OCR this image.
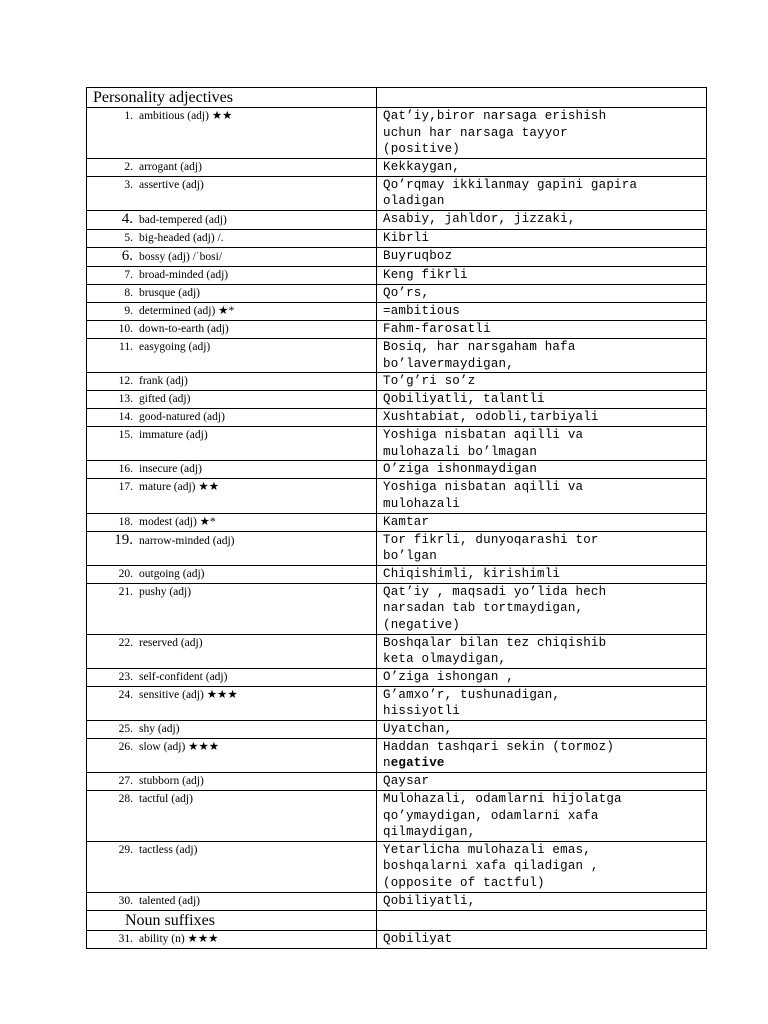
Personality adjectives	
1. ambitious (adj) ★★	Qat’iy,biror narsaga erishish
uchun har narsaga tayyor
(positive)
2. arrogant (adj)	Kekkaygan,
3. assertive (adj)	Qo’rqmay ikkilanmay gapini gapira
oladigan
4. bad-tempered (adj)	Asabiy, jahldor, jizzaki,
5. big-headed (adj) /.	Kibrli
6. bossy (adj) /ˈbosi/	Buyruqboz
7. broad-minded (adj)	Keng fikrli
8. brusque (adj)	Qo’rs,
9. determined (adj) ★*	=ambitious
10. down-to-earth (adj)	Fahm-farosatli
11. easygoing (adj)	Bosiq, har narsgaham hafa
bo’lavermaydigan,
12. frank (adj)	To’g’ri so’z
13. gifted (adj)	Qobiliyatli, talantli
14. good-natured (adj)	Xushtabiat, odobli,tarbiyali
15. immature (adj)	Yoshiga nisbatan aqilli va
mulohazali bo’lmagan
16. insecure (adj)	O’ziga ishonmaydigan
17. mature (adj) ★★	Yoshiga nisbatan aqilli va
mulohazali
18. modest (adj) ★*	Kamtar
19. narrow-minded (adj)	Tor fikrli, dunyoqarashi tor
bo’lgan
20. outgoing (adj)	Chiqishimli, kirishimli
21. pushy (adj)	Qat’iy , maqsadi yo’lida hech
narsadan tab tortmaydigan,
(negative)
22. reserved (adj)	Boshqalar bilan tez chiqishib
keta olmaydigan,
23. self-confident (adj)	O’ziga ishongan ,
24. sensitive (adj) ★★★	G’amxo’r, tushunadigan,
hissiyotli
25. shy (adj)	Uyatchan,
26. slow (adj) ★★★	Haddan tashqari sekin (tormoz)
negative
27. stubborn (adj)	Qaysar
28. tactful (adj)	Mulohazali, odamlarni hijolatga
qo’ymaydigan, odamlarni xafa
qilmaydigan,
29. tactless (adj)	Yetarlicha mulohazali emas,
boshqalarni xafa qiladigan ,
(opposite of tactful)
30. talented (adj)	Qobiliyatli,
Noun suffixes	
31. ability (n) ★★★	Qobiliyat
